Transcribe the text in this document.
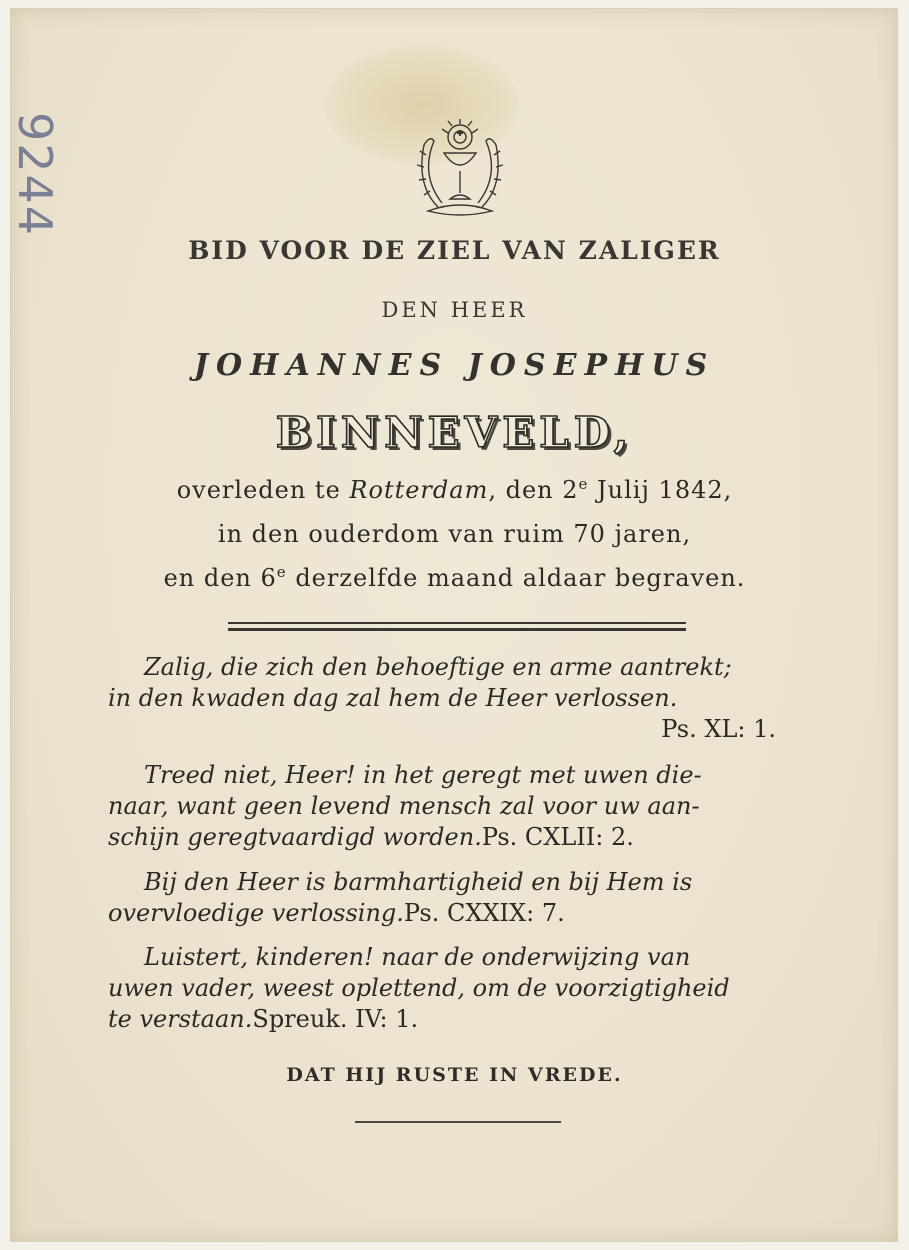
9244
BID VOOR DE ZIEL VAN ZALIGER
DEN HEER
JOHANNES JOSEPHUS
BINNEVELD,
overleden te Rotterdam, den 2e Julij 1842,
in den ouderdom van ruim 70 jaren,
en den 6e derzelfde maand aldaar begraven.
Zalig, die zich den behoeftige en arme aantrekt;
in den kwaden dag zal hem de Heer verlossen.
Ps. XL: 1.
Treed niet, Heer! in het geregt met uwen die-
naar, want geen levend mensch zal voor uw aan-
schijn geregtvaardigd worden.Ps. CXLII: 2.
Bij den Heer is barmhartigheid en bij Hem is
overvloedige verlossing.Ps. CXXIX: 7.
Luistert, kinderen! naar de onderwijzing van
uwen vader, weest oplettend, om de voorzigtigheid
te verstaan.Spreuk. IV: 1.
DAT HIJ RUSTE IN VREDE.
